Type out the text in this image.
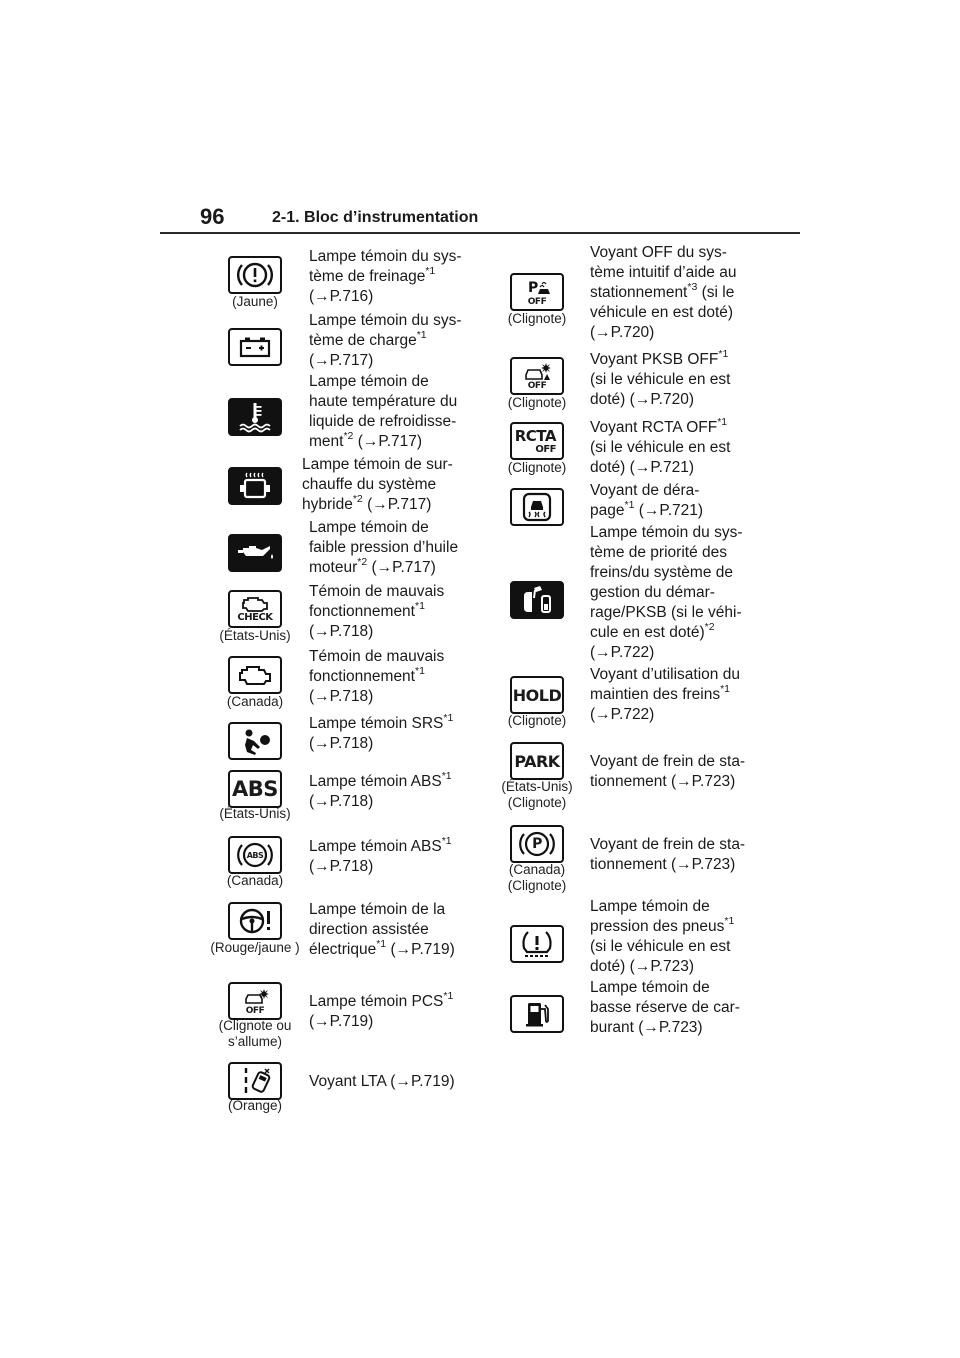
96	2-1. Bloc d’instrumentation
(Jaune)
Lampe témoin du sys-
tème de freinage$^{*1}$
(→P.716)
Lampe témoin du sys-
tème de charge$^{*1}$
(→P.717)
Lampe témoin de
haute température du
liquide de refroidisse-
ment$^{*2}$ (→P.717)
Lampe témoin de sur-
chauffe du système
hybride$^{*2}$ (→P.717)
Lampe témoin de
faible pression d’huile
moteur$^{*2}$ (→P.717)
CHECK
(États-Unis)
Témoin de mauvais
fonctionnement$^{*1}$
(→P.718)
(Canada)
Témoin de mauvais
fonctionnement$^{*1}$
(→P.718)
Lampe témoin SRS$^{*1}$
(→P.718)
ABS
(États-Unis)
Lampe témoin ABS$^{*1}$
(→P.718)
ABS
(Canada)
Lampe témoin ABS$^{*1}$
(→P.718)
(Rouge/jaune )
Lampe témoin de la
direction assistée
électrique$^{*1}$ (→P.719)
OFF
(Clignote ou s’allume)
Lampe témoin PCS$^{*1}$
(→P.719)
(Orange)
Voyant LTA (→P.719)
P
OFF
(Clignote)
Voyant OFF du sys-
tème intuitif d’aide au
stationnement$^{*3}$ (si le
véhicule en est doté)
(→P.720)
OFF
(Clignote)
Voyant PKSB OFF$^{*1}$
(si le véhicule en est
doté) (→P.720)
RCTA
OFF
(Clignote)
Voyant RCTA OFF$^{*1}$
(si le véhicule en est
doté) (→P.721)
Voyant de déra-
page$^{*1}$ (→P.721)
Lampe témoin du sys-
tème de priorité des
freins/du système de
gestion du démar-
rage/PKSB (si le véhi-
cule en est doté)$^{*2}$
(→P.722)
HOLD
(Clignote)
Voyant d’utilisation du
maintien des freins$^{*1}$
(→P.722)
PARK
(États-Unis) (Clignote)
Voyant de frein de sta-
tionnement (→P.723)
P
(Canada) (Clignote)
Voyant de frein de sta-
tionnement (→P.723)
Lampe témoin de
pression des pneus$^{*1}$
(si le véhicule en est
doté) (→P.723)
Lampe témoin de
basse réserve de car-
burant (→P.723)
